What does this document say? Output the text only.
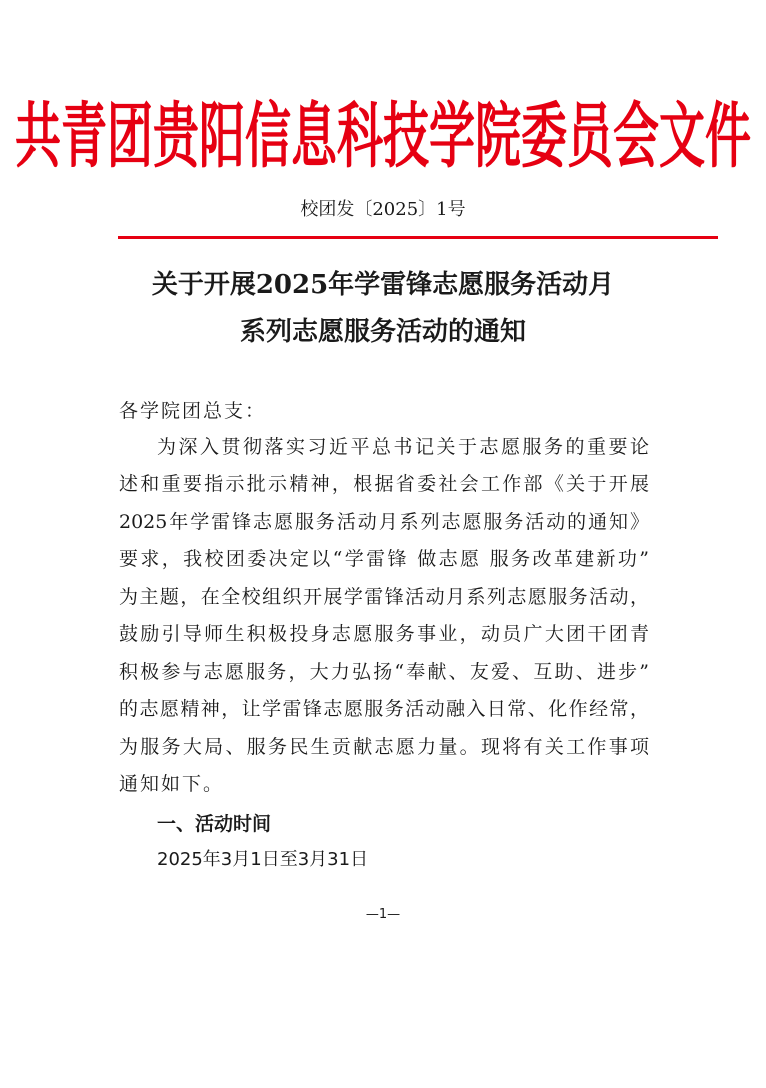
共青团贵阳信息科技学院委员会文件
校团发〔2025〕1号
关于开展2025年学雷锋志愿服务活动月
系列志愿服务活动的通知
各学院团总支：
为深入贯彻落实习近平总书记关于志愿服务的重要论
述和重要指示批示精神，根据省委社会工作部《关于开展
2025年学雷锋志愿服务活动月系列志愿服务活动的通知》
要求，我校团委决定以“学雷锋 做志愿 服务改革建新功”
为主题，在全校组织开展学雷锋活动月系列志愿服务活动，
鼓励引导师生积极投身志愿服务事业，动员广大团干团青
积极参与志愿服务，大力弘扬“奉献、友爱、互助、进步”
的志愿精神，让学雷锋志愿服务活动融入日常、化作经常，
为服务大局、服务民生贡献志愿力量。现将有关工作事项
通知如下。
一、活动时间
2025年3月1日至3月31日
—1—
